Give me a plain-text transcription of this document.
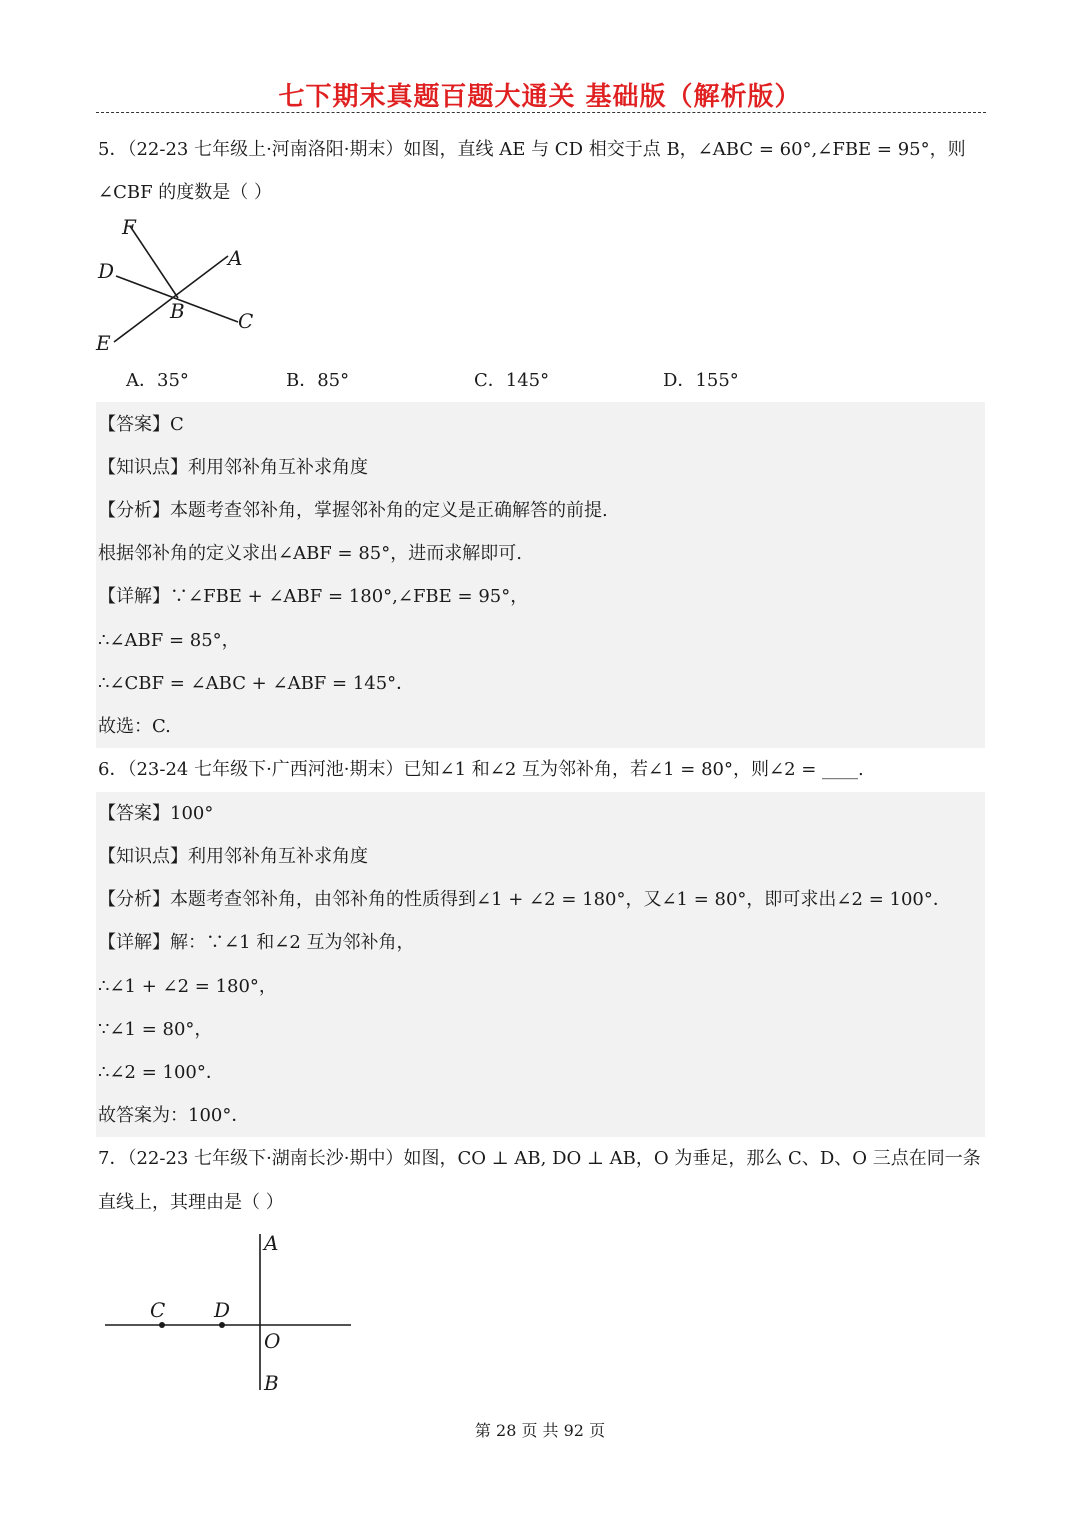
七下期末真题百题大通关 基础版（解析版）
5．（22-23 七年级上·河南洛阳·期末）如图，直线 AE 与 CD 相交于点 B，∠ABC = 60°,∠FBE = 95°，则
∠CBF 的度数是（ ）
F
A
D
B	C
E
A．35°	B．85°	C．145°	D．155°
【答案】C
【知识点】利用邻补角互补求角度
【分析】本题考查邻补角，掌握邻补角的定义是正确解答的前提.
根据邻补角的定义求出∠ABF = 85°，进而求解即可.
【详解】∵∠FBE + ∠ABF = 180°,∠FBE = 95°，
∴∠ABF = 85°，
∴∠CBF = ∠ABC + ∠ABF = 145°．
故选：C.
6．（23-24 七年级下·广西河池·期末）已知∠1 和∠2 互为邻补角，若∠1 = 80°，则∠2 = ____.
【答案】100°
【知识点】利用邻补角互补求角度
【分析】本题考查邻补角，由邻补角的性质得到∠1 + ∠2 = 180°，又∠1 = 80°，即可求出∠2 = 100°．
【详解】解：∵∠1 和∠2 互为邻补角，
∴∠1 + ∠2 = 180°，
∵∠1 = 80°，
∴∠2 = 100°．
故答案为：100°．
7．（22-23 七年级下·湖南长沙·期中）如图，CO ⊥ AB, DO ⊥ AB，O 为垂足，那么 C、D、O 三点在同一条
直线上，其理由是（ ）
A
C D
O
B
第 28 页 共 92 页
